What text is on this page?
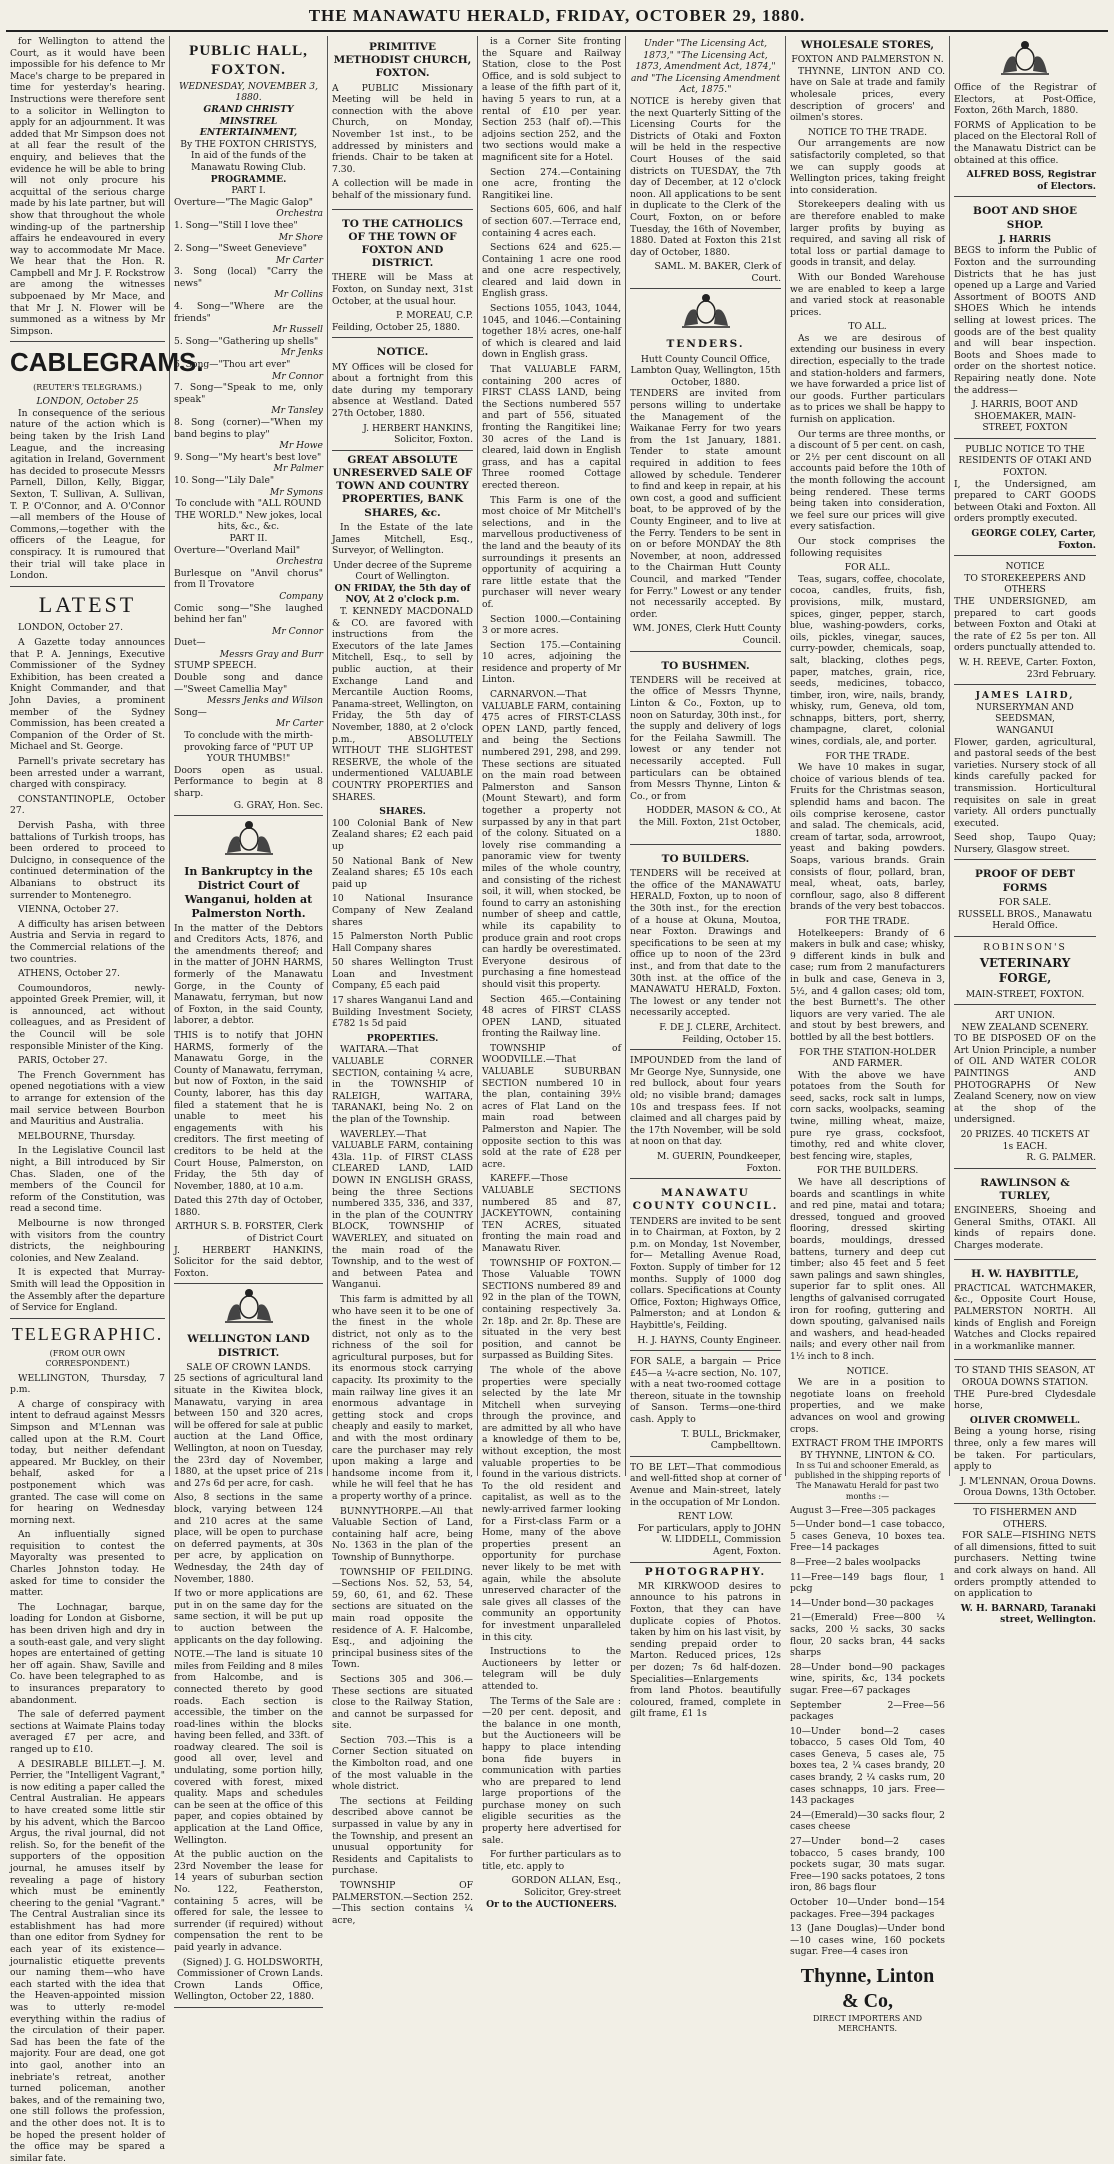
THE MANAWATU HERALD, FRIDAY, OCTOBER 29, 1880.

for Wellington to attend the Court, as it would have been impossible for his defence to Mr Mace's charge to be prepared in time for yesterday's hearing. Instructions were therefore sent to a solicitor in Wellington to apply for an adjournment. It was added that Mr Simpson does not at all fear the result of the enquiry, and believes that the evidence he will be able to bring will not only procure his acquittal of the serious charge made by his late partner, but will show that throughout the whole winding-up of the partnership affairs he endeavoured in every way to accommodate Mr Mace. We hear that the Hon. R. Campbell and Mr J. F. Rockstrow are among the witnesses subpoenaed by Mr Mace, and that Mr J. N. Flower will be summoned as a witness by Mr Simpson.

CABLEGRAMS.
(REUTER'S TELEGRAMS.)
LONDON, October 25

In consequence of the serious nature of the action which is being taken by the Irish Land League, and the increasing agitation in Ireland, Government has decided to prosecute Messrs Parnell, Dillon, Kelly, Biggar, Sexton, T. Sullivan, A. Sullivan, T. P. O'Connor, and A. O'Connor—all members of the House of Commons,—together with the officers of the League, for conspiracy. It is rumoured that their trial will take place in London.

LATEST

LONDON, October 27.

A Gazette today announces that P. A. Jennings, Executive Commissioner of the Sydney Exhibition, has been created a Knight Commander, and that John Davies, a prominent member of the Sydney Commission, has been created a Companion of the Order of St. Michael and St. George.

Parnell's private secretary has been arrested under a warrant, charged with conspiracy.

CONSTANTINOPLE, October 27.

Dervish Pasha, with three battalions of Turkish troops, has been ordered to proceed to Dulcigno, in consequence of the continued determination of the Albanians to obstruct its surrender to Montenegro.

VIENNA, October 27.

A difficulty has arisen between Austria and Servia in regard to the Commercial relations of the two countries.

ATHENS, October 27.

Coumoundoros, newly-appointed Greek Premier, will, it is announced, act without colleagues, and as President of the Council will be sole responsible Minister of the King.

PARIS, October 27.

The French Government has opened negotiations with a view to arrange for extension of the mail service between Bourbon and Mauritius and Australia.

MELBOURNE, Thursday.

In the Legislative Council last night, a Bill introduced by Sir Chas. Sladen, one of the members of the Council for reform of the Constitution, was read a second time.

Melbourne is now thronged with visitors from the country districts, the neighbouring colonies, and New Zealand.

It is expected that Murray-Smith will lead the Opposition in the Assembly after the departure of Service for England.

TELEGRAPHIC.
(FROM OUR OWN CORRESPONDENT.)

WELLINGTON, Thursday, 7 p.m.

A charge of conspiracy with intent to defraud against Messrs Simpson and M'Lennan was called upon at the R.M. Court today, but neither defendant appeared. Mr Buckley, on their behalf, asked for a postponement which was granted. The case will come on for hearing on Wednesday morning next.

An influentially signed requisition to contest the Mayoralty was presented to Charles Johnston today. He asked for time to consider the matter.

The Lochnagar, barque, loading for London at Gisborne, has been driven high and dry in a south-east gale, and very slight hopes are entertained of getting her off again. Shaw, Saville and Co. have been telegraphed to as to insurances preparatory to abandonment.

The sale of deferred payment sections at Waimate Plains today averaged £7 per acre, and ranged up to £10.

A DESIRABLE BILLET.—J. M. Perrier, the "Intelligent Vagrant," is now editing a paper called the Central Australian. He appears to have created some little stir by his advent, which the Barcoo Argus, the rival journal, did not relish. So, for the benefit of the supporters of the opposition journal, he amuses itself by revealing a page of history which must be eminently cheering to the genial "Vagrant." The Central Australian since its establishment has had more than one editor from Sydney for each year of its existence—journalistic etiquette prevents our naming them—who have each started with the idea that the Heaven-appointed mission was to utterly re-model everything within the radius of the circulation of their paper. Sad has been the fate of the majority. Four are dead, one got into gaol, another into an inebriate's retreat, another turned policeman, another bakes, and of the remaining two, one still follows the profession, and the other does not. It is to be hoped the present holder of the office may be spared a similar fate.

PUBLIC HALL, FOXTON.
WEDNESDAY, NOVEMBER 3, 1880.
GRAND CHRISTY MINSTREL ENTERTAINMENT,
By THE FOXTON CHRISTYS,
In aid of the funds of the Manawatu Rowing Club.
PROGRAMME.
PART I.
Overture—"The Magic Galop"
Orchestra
1. Song—"Still I love thee"
Mr Shore
2. Song—"Sweet Genevieve"
Mr Carter
3. Song (local) "Carry the news"
Mr Collins
4. Song—"Where are the friends"
Mr Russell
5. Song—"Gathering up shells"
Mr Jenks
6. Song—"Thou art ever"
Mr Connor
7. Song—"Speak to me, only speak"
Mr Tansley
8. Song (corner)—"When my band begins to play"
Mr Howe
9. Song—"My heart's best love"
Mr Palmer
10. Song—"Lily Dale"
Mr Symons
To conclude with "ALL ROUND THE WORLD." New jokes, local hits, &c., &c.
PART II.
Overture—"Overland Mail"
Orchestra
Burlesque on "Anvil chorus" from Il Trovatore
Company
Comic song—"She laughed behind her fan"
Mr Connor
Duet—
Messrs Gray and Burr
STUMP SPEECH.
Double song and dance—"Sweet Camellia May"
Messrs Jenks and Wilson
Song—
Mr Carter
To conclude with the mirth-provoking farce of "PUT UP YOUR THUMBS!"
Doors open as usual. Performance to begin at 8 sharp.
G. GRAY, Hon. Sec.
In Bankruptcy in the District Court of Wanganui, holden at Palmerston North.

In the matter of the Debtors and Creditors Acts, 1876, and the amendments thereof; and in the matter of JOHN HARMS, formerly of the Manawatu Gorge, in the County of Manawatu, ferryman, but now of Foxton, in the said County, laborer, a debtor.

THIS is to notify that JOHN HARMS, formerly of the Manawatu Gorge, in the County of Manawatu, ferryman, but now of Foxton, in the said County, laborer, has this day filed a statement that he is unable to meet his engagements with his creditors. The first meeting of creditors to be held at the Court House, Palmerston, on Friday, the 5th day of November, 1880, at 10 a.m.

Dated this 27th day of October, 1880.

ARTHUR S. B. FORSTER, Clerk of District Court
J. HERBERT HANKINS, Solicitor for the said debtor, Foxton.
WELLINGTON LAND DISTRICT.
SALE OF CROWN LANDS.

25 sections of agricultural land situate in the Kiwitea block, Manawatu, varying in area between 150 and 320 acres, will be offered for sale at public auction at the Land Office, Wellington, at noon on Tuesday, the 23rd day of November, 1880, at the upset price of 21s and 27s 6d per acre, for cash.

Also, 8 sections in the same block, varying between 124 and 210 acres at the same place, will be open to purchase on deferred payments, at 30s per acre, by application on Wednesday, the 24th day of November, 1880.

If two or more applications are put in on the same day for the same section, it will be put up to auction between the applicants on the day following.

NOTE.—The land is situate 10 miles from Feilding and 8 miles from Halcombe, and is connected thereto by good roads. Each section is accessible, the timber on the road-lines within the blocks having been felled, and 33ft. of roadway cleared. The soil is good all over, level and undulating, some portion hilly, covered with forest, mixed quality. Maps and schedules can be seen at the office of this paper, and copies obtained by application at the Land Office, Wellington.

At the public auction on the 23rd November the lease for 14 years of suburban section No. 122, Featherston, containing 5 acres, will be offered for sale, the lessee to surrender (if required) without compensation the rent to be paid yearly in advance.

(Signed) J. G. HOLDSWORTH, Commissioner of Crown Lands.
Crown Lands Office, Wellington, October 22, 1880.
PRIMITIVE METHODIST CHURCH, FOXTON.

A PUBLIC Missionary Meeting will be held in connection with the above Church, on Monday, November 1st inst., to be addressed by ministers and friends. Chair to be taken at 7.30.

A collection will be made in behalf of the missionary fund.

TO THE CATHOLICS OF THE TOWN OF FOXTON AND DISTRICT.

THERE will be Mass at Foxton, on Sunday next, 31st October, at the usual hour.

P. MOREAU, C.P.
Feilding, October 25, 1880.
NOTICE.

MY Offices will be closed for about a fortnight from this date during my temporary absence at Westland. Dated 27th October, 1880.

J. HERBERT HANKINS, Solicitor, Foxton.
GREAT ABSOLUTE UNRESERVED SALE OF TOWN AND COUNTRY PROPERTIES, BANK SHARES, &c.

In the Estate of the late James Mitchell, Esq., Surveyor, of Wellington.

Under decree of the Supreme Court of Wellington.
ON FRIDAY, the 5th day of NOV, At 2 o'clock p.m.

T. KENNEDY MACDONALD & CO. are favored with instructions from the Executors of the late James Mitchell, Esq., to sell by public auction, at their Exchange Land and Mercantile Auction Rooms, Panama-street, Wellington, on Friday, the 5th day of November, 1880, at 2 o'clock p.m., ABSOLUTELY WITHOUT THE SLIGHTEST RESERVE, the whole of the undermentioned VALUABLE COUNTRY PROPERTIES and SHARES.

SHARES.

100 Colonial Bank of New Zealand shares; £2 each paid up

50 National Bank of New Zealand shares; £5 10s each paid up

10 National Insurance Company of New Zealand shares

15 Palmerston North Public Hall Company shares

50 shares Wellington Trust Loan and Investment Company, £5 each paid

17 shares Wanganui Land and Building Investment Society, £782 1s 5d paid

PROPERTIES.

WAITARA.—That VALUABLE CORNER SECTION, containing ¼ acre, in the TOWNSHIP of RALEIGH, WAITARA, TARANAKI, being No. 2 on the plan of the Township.

WAVERLEY.—That VALUABLE FARM, containing 43la. 11p. of FIRST CLASS CLEARED LAND, LAID DOWN IN ENGLISH GRASS, being the three Sections numbered 335, 336, and 337, in the plan of the COUNTRY BLOCK, TOWNSHIP of WAVERLEY, and situated on the main road of the Township, and to the west of and between Patea and Wanganui.

This farm is admitted by all who have seen it to be one of the finest in the whole district, not only as to the richness of the soil for agricultural purposes, but for its enormous stock carrying capacity. Its proximity to the main railway line gives it an enormous advantage in getting stock and crops cheaply and easily to market, and with the most ordinary care the purchaser may rely upon making a large and handsome income from it, while he will feel that he has a property worthy of a prince.

BUNNYTHORPE.—All that Valuable Section of Land, containing half acre, being No. 1363 in the plan of the Township of Bunnythorpe.

TOWNSHIP OF FEILDING.—Sections Nos. 52, 53, 54, 59, 60, 61, and 62. These sections are situated on the main road opposite the residence of A. F. Halcombe, Esq., and adjoining the principal business sites of the Town.

Sections 305 and 306.—These sections are situated close to the Railway Station, and cannot be surpassed for site.

Section 703.—This is a Corner Section situated on the Kimbolton road, and one of the most valuable in the whole district.

The sections at Feilding described above cannot be surpassed in value by any in the Township, and present an unusual opportunity for Residents and Capitalists to purchase.

TOWNSHIP OF PALMERSTON.—Section 252.—This section contains ¼ acre,

is a Corner Site fronting the Square and Railway Station, close to the Post Office, and is sold subject to a lease of the fifth part of it, having 5 years to run, at a rental of £10 per year. Section 253 (half of).—This adjoins section 252, and the two sections would make a magnificent site for a Hotel.

Section 274.—Containing one acre, fronting the Rangitikei line.

Sections 605, 606, and half of section 607.—Terrace end, containing 4 acres each.

Sections 624 and 625.—Containing 1 acre one rood and one acre respectively, cleared and laid down in English grass.

Sections 1055, 1043, 1044, 1045, and 1046.—Containing together 18½ acres, one-half of which is cleared and laid down in English grass.

That VALUABLE FARM, containing 200 acres of FIRST CLASS LAND, being the Sections numbered 557 and part of 556, situated fronting the Rangitikei line; 30 acres of the Land is cleared, laid down in English grass, and has a capital Three roomed Cottage erected thereon.

This Farm is one of the most choice of Mr Mitchell's selections, and in the marvellous productiveness of the land and the beauty of its surroundings it presents an opportunity of acquiring a rare little estate that the purchaser will never weary of.

Section 1000.—Containing 3 or more acres.

Section 175.—Containing 10 acres, adjoining the residence and property of Mr Linton.

CARNARVON.—That VALUABLE FARM, containing 475 acres of FIRST-CLASS OPEN LAND, partly fenced, and being the Sections numbered 291, 298, and 299. These sections are situated on the main road between Palmerston and Sanson (Mount Stewart), and form together a property not surpassed by any in that part of the colony. Situated on a lovely rise commanding a panoramic view for twenty miles of the whole country, and consisting of the richest soil, it will, when stocked, be found to carry an astonishing number of sheep and cattle, while its capability to produce grain and root crops can hardly be overestimated. Everyone desirous of purchasing a fine homestead should visit this property.

Section 465.—Containing 48 acres of FIRST CLASS OPEN LAND, situated fronting the Railway line.

TOWNSHIP of WOODVILLE.—That VALUABLE SUBURBAN SECTION numbered 10 in the plan, containing 39½ acres of Flat Land on the main road between Palmerston and Napier. The opposite section to this was sold at the rate of £28 per acre.

KAREFF.—Those VALUABLE SECTIONS numbered 85 and 87, JACKEYTOWN, containing TEN ACRES, situated fronting the main road and Manawatu River.

TOWNSHIP OF FOXTON.—Those Valuable TOWN SECTIONS numbered 89 and 92 in the plan of the TOWN, containing respectively 3a. 2r. 18p. and 2r. 8p. These are situated in the very best position, and cannot be surpassed as Building Sites.

The whole of the above properties were specially selected by the late Mr Mitchell when surveying through the province, and are admitted by all who have a knowledge of them to be, without exception, the most valuable properties to be found in the various districts. To the old resident and capitalist, as well as to the newly-arrived farmer looking for a First-class Farm or a Home, many of the above properties present an opportunity for purchase never likely to be met with again, while the absolute unreserved character of the sale gives all classes of the community an opportunity for investment unparalleled in this city.

Instructions to the Auctioneers by letter or telegram will be duly attended to.

The Terms of the Sale are :—20 per cent. deposit, and the balance in one month, but the Auctioneers will be happy to place intending bona fide buyers in communication with parties who are prepared to lend large proportions of the purchase money on such eligible securities as the property here advertised for sale.

For further particulars as to title, etc. apply to

GORDON ALLAN, Esq., Solicitor, Grey-street
Or to the AUCTIONEERS.
Under "The Licensing Act, 1873," "The Licensing Act, 1873, Amendment Act, 1874," and "The Licensing Amendment Act, 1875."

NOTICE is hereby given that the next Quarterly Sitting of the Licensing Courts for the Districts of Otaki and Foxton will be held in the respective Court Houses of the said districts on TUESDAY, the 7th day of December, at 12 o'clock noon. All applications to be sent in duplicate to the Clerk of the Court, Foxton, on or before Tuesday, the 16th of November, 1880. Dated at Foxton this 21st day of October, 1880.

SAML. M. BAKER, Clerk of Court.
TENDERS.
Hutt County Council Office, Lambton Quay, Wellington, 15th October, 1880.

TENDERS are invited from persons willing to undertake the Management of the Waikanae Ferry for two years from the 1st January, 1881. Tender to state amount required in addition to fees allowed by schedule. Tenderer to find and keep in repair, at his own cost, a good and sufficient boat, to be approved of by the County Engineer, and to live at the Ferry. Tenders to be sent in on or before MONDAY the 8th November, at noon, addressed to the Chairman Hutt County Council, and marked "Tender for Ferry." Lowest or any tender not necessarily accepted. By order.

WM. JONES, Clerk Hutt County Council.
TO BUSHMEN.

TENDERS will be received at the office of Messrs Thynne, Linton & Co., Foxton, up to noon on Saturday, 30th inst., for the supply and delivery of logs for the Feilaha Sawmill. The lowest or any tender not necessarily accepted. Full particulars can be obtained from Messrs Thynne, Linton & Co., or from

HODDER, MASON & CO., At the Mill. Foxton, 21st October, 1880.
TO BUILDERS.

TENDERS will be received at the office of the MANAWATU HERALD, Foxton, up to noon of the 30th inst., for the erection of a house at Okuna, Moutoa, near Foxton. Drawings and specifications to be seen at my office up to noon of the 23rd inst., and from that date to the 30th inst. at the office of the MANAWATU HERALD, Foxton. The lowest or any tender not necessarily accepted.

F. DE J. CLERE, Architect. Feilding, October 15.

IMPOUNDED from the land of Mr George Nye, Sunnyside, one red bullock, about four years old; no visible brand; damages 10s and trespass fees. If not claimed and all charges paid by the 17th November, will be sold at noon on that day.

M. GUERIN, Poundkeeper, Foxton.
MANAWATU COUNTY COUNCIL.

TENDERS are invited to be sent in to Chairman, at Foxton, by 2 p.m. on Monday, 1st November, for— Metalling Avenue Road, Foxton. Supply of timber for 12 months. Supply of 1000 dog collars. Specifications at County Office, Foxton; Highways Office, Palmerston; and at London & Haybittle's, Feilding.

H. J. HAYNS, County Engineer.

FOR SALE, a bargain — Price £45—a ¼-acre section, No. 107, with a neat two-roomed cottage thereon, situate in the township of Sanson. Terms—one-third cash. Apply to

T. BULL, Brickmaker, Campbelltown.

TO BE LET—That commodious and well-fitted shop at corner of Avenue and Main-street, lately in the occupation of Mr London.

RENT LOW.
For particulars, apply to JOHN W. LIDDELL, Commission Agent, Foxton.
PHOTOGRAPHY.

MR KIRKWOOD desires to announce to his patrons in Foxton, that they can have duplicate copies of Photos. taken by him on his last visit, by sending prepaid order to Marton. Reduced prices, 12s per dozen; 7s 6d half-dozen. Specialities—Enlargements from land Photos. beautifully coloured, framed, complete in gilt frame, £1 1s

WHOLESALE STORES,
FOXTON AND PALMERSTON N.

THYNNE, LINTON AND CO. have on Sale at trade and family wholesale prices, every description of grocers' and oilmen's stores.

NOTICE TO THE TRADE.

Our arrangements are now satisfactorily completed, so that we can supply goods at Wellington prices, taking freight into consideration.

Storekeepers dealing with us are therefore enabled to make larger profits by buying as required, and saving all risk of total loss or partial damage to goods in transit, and delay.

With our Bonded Warehouse we are enabled to keep a large and varied stock at reasonable prices.

TO ALL.

As we are desirous of extending our business in every direction, especially to the trade and station-holders and farmers, we have forwarded a price list of our goods. Further particulars as to prices we shall be happy to furnish on application.

Our terms are three months, or a discount of 5 per cent. on cash, or 2½ per cent discount on all accounts paid before the 10th of the month following the account being rendered. These terms being taken into consideration, we feel sure our prices will give every satisfaction.

Our stock comprises the following requisites

FOR ALL.

Teas, sugars, coffee, chocolate, cocoa, candles, fruits, fish, provisions, milk, mustard, spices, ginger, pepper, starch, blue, washing-powders, corks, oils, pickles, vinegar, sauces, curry-powder, chemicals, soap, salt, blacking, clothes pegs, paper, matches, grain, rice, seeds, medicines, tobacco, timber, iron, wire, nails, brandy, whisky, rum, Geneva, old tom, schnapps, bitters, port, sherry, champagne, claret, colonial wines, cordials, ale, and porter.

FOR THE TRADE.

We have 10 makes in sugar, choice of various blends of tea. Fruits for the Christmas season, splendid hams and bacon. The oils comprise kerosene, castor and salad. The chemicals, acid, cream of tartar, soda, arrowroot, yeast and baking powders. Soaps, various brands. Grain consists of flour, pollard, bran, meal, wheat, oats, barley, cornflour, sago, also 8 different brands of the very best tobaccos.

FOR THE TRADE.

Hotelkeepers: Brandy of 6 makers in bulk and case; whisky, 9 different kinds in bulk and case; rum from 2 manufacturers in bulk and case, Geneva in 3, 5½, and 4 gallon cases; old tom, the best Burnett's. The other liquors are very varied. The ale and stout by best brewers, and bottled by all the best bottlers.

FOR THE STATION-HOLDER AND FARMER.

With the above we have potatoes from the South for seed, sacks, rock salt in lumps, corn sacks, woolpacks, seaming twine, milling wheat, maize, pure rye grass, cocksfoot, timothy, red and white clover, best fencing wire, staples,

FOR THE BUILDERS.

We have all descriptions of boards and scantlings in white and red pine, matai and totara; dressed, tongued and grooved flooring, dressed skirting boards, mouldings, dressed battens, turnery and deep cut timber; also 45 feet and 5 feet sawn palings and sawn shingles, superior far to split ones. All lengths of galvanised corrugated iron for roofing, guttering and down spouting, galvanised nails and washers, and head-headed nails; and every other nail from 1½ inch to 8 inch.

NOTICE.

We are in a position to negotiate loans on freehold properties, and we make advances on wool and growing crops.

EXTRACT FROM THE IMPORTS BY THYNNE, LINTON & CO.
In ss Tui and schooner Emerald, as published in the shipping reports of The Manawatu Herald for past two months :—

August 3—Free—305 packages

5—Under bond—1 case tobacco, 5 cases Geneva, 10 boxes tea. Free—14 packages

8—Free—2 bales woolpacks

11—Free—149 bags flour, 1 pckg

14—Under bond—30 packages

21—(Emerald) Free—800 ¼ sacks, 200 ½ sacks, 30 sacks flour, 20 sacks bran, 44 sacks sharps

28—Under bond—90 packages wine, spirits, &c, 134 pockets sugar. Free—67 packages

September 2—Free—56 packages

10—Under bond—2 cases tobacco, 5 cases Old Tom, 40 cases Geneva, 5 cases ale, 75 boxes tea, 2 ¼ cases brandy, 20 cases brandy, 2 ¼ casks rum, 20 cases schnapps, 10 jars. Free—143 packages

24—(Emerald)—30 sacks flour, 2 cases cheese

27—Under bond—2 cases tobacco, 5 cases brandy, 100 pockets sugar, 30 mats sugar. Free—190 sacks potatoes, 2 tons iron, 86 bags flour

October 10—Under bond—154 packages. Free—394 packages

13 (Jane Douglas)—Under bond—10 cases wine, 160 pockets sugar. Free—4 cases iron

Thynne, Linton & Co,
DIRECT IMPORTERS AND MERCHANTS.

Office of the Registrar of Electors, at Post-Office, Foxton, 26th March, 1880.

FORMS of Application to be placed on the Electoral Roll of the Manawatu District can be obtained at this office.

ALFRED BOSS, Registrar of Electors.
BOOT AND SHOE SHOP.
J. HARRIS

BEGS to inform the Public of Foxton and the surrounding Districts that he has just opened up a Large and Varied Assortment of BOOTS AND SHOES Which he intends selling at lowest prices. The goods are of the best quality and will bear inspection. Boots and Shoes made to order on the shortest notice. Repairing neatly done. Note the address—

J. HARRIS, BOOT AND SHOEMAKER, MAIN-STREET, FOXTON
PUBLIC NOTICE TO THE RESIDENTS OF OTAKI AND FOXTON.

I, the Undersigned, am prepared to CART GOODS between Otaki and Foxton. All orders promptly executed.

GEORGE COLEY, Carter, Foxton.
NOTICE
TO STOREKEEPERS AND OTHERS

THE UNDERSIGNED, am prepared to cart goods between Foxton and Otaki at the rate of £2 5s per ton. All orders punctually attended to.

W. H. REEVE, Carter. Foxton, 23rd February.
JAMES LAIRD,
NURSERYMAN AND SEEDSMAN,
WANGANUI

Flower, garden, agricultural, and pastoral seeds of the best varieties. Nursery stock of all kinds carefully packed for transmission. Horticultural requisites on sale in great variety. All orders punctually executed.

Seed shop, Taupo Quay; Nursery, Glasgow street.
PROOF OF DEBT FORMS
FOR SALE.
RUSSELL BROS., Manawatu Herald Office.
ROBINSON'S
VETERINARY FORGE,
MAIN-STREET, FOXTON.
ART UNION.
NEW ZEALAND SCENERY.

TO BE DISPOSED OF on the Art Union Principle, a number of OIL AND WATER COLOR PAINTINGS AND PHOTOGRAPHS Of New Zealand Scenery, now on view at the shop of the undersigned.

20 PRIZES. 40 TICKETS AT 1s EACH.
R. G. PALMER.
RAWLINSON & TURLEY,

ENGINEERS, Shoeing and General Smiths, OTAKI. All kinds of repairs done. Charges moderate.

H. W. HAYBITTLE,

PRACTICAL WATCHMAKER, &c., Opposite Court House, PALMERSTON NORTH. All kinds of English and Foreign Watches and Clocks repaired in a workmanlike manner.

TO STAND THIS SEASON, AT OROUA DOWNS STATION.

THE Pure-bred Clydesdale horse,

OLIVER CROMWELL.

Being a young horse, rising three, only a few mares will be taken. For particulars, apply to

J. M'LENNAN, Oroua Downs. Oroua Downs, 13th October.
TO FISHERMEN AND OTHERS.

FOR SALE—FISHING NETS of all dimensions, fitted to suit purchasers. Netting twine and cork always on hand. All orders promptly attended to on application to

W. H. BARNARD, Taranaki street, Wellington.
